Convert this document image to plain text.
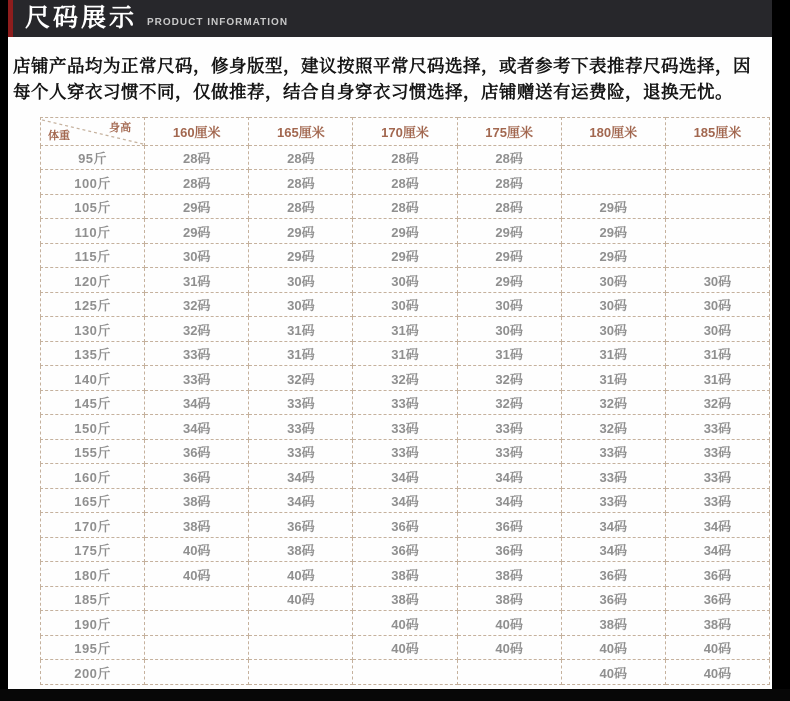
尺码展示 PRODUCT INFORMATION
店铺产品均为正常尺码，修身版型，建议按照平常尺码选择，或者参考下表推荐尺码选择，因每个人穿衣习惯不同，仅做推荐，结合自身穿衣习惯选择，店铺赠送有运费险，退换无忧。
身高
体重	160厘米	165厘米	170厘米	175厘米	180厘米	185厘米
95斤	28码	28码	28码	28码		
100斤	28码	28码	28码	28码		
105斤	29码	28码	28码	28码	29码	
110斤	29码	29码	29码	29码	29码	
115斤	30码	29码	29码	29码	29码	
120斤	31码	30码	30码	29码	30码	30码
125斤	32码	30码	30码	30码	30码	30码
130斤	32码	31码	31码	30码	30码	30码
135斤	33码	31码	31码	31码	31码	31码
140斤	33码	32码	32码	32码	31码	31码
145斤	34码	33码	33码	32码	32码	32码
150斤	34码	33码	33码	33码	32码	33码
155斤	36码	33码	33码	33码	33码	33码
160斤	36码	34码	34码	34码	33码	33码
165斤	38码	34码	34码	34码	33码	33码
170斤	38码	36码	36码	36码	34码	34码
175斤	40码	38码	36码	36码	34码	34码
180斤	40码	40码	38码	38码	36码	36码
185斤		40码	38码	38码	36码	36码
190斤			40码	40码	38码	38码
195斤			40码	40码	40码	40码
200斤					40码	40码
